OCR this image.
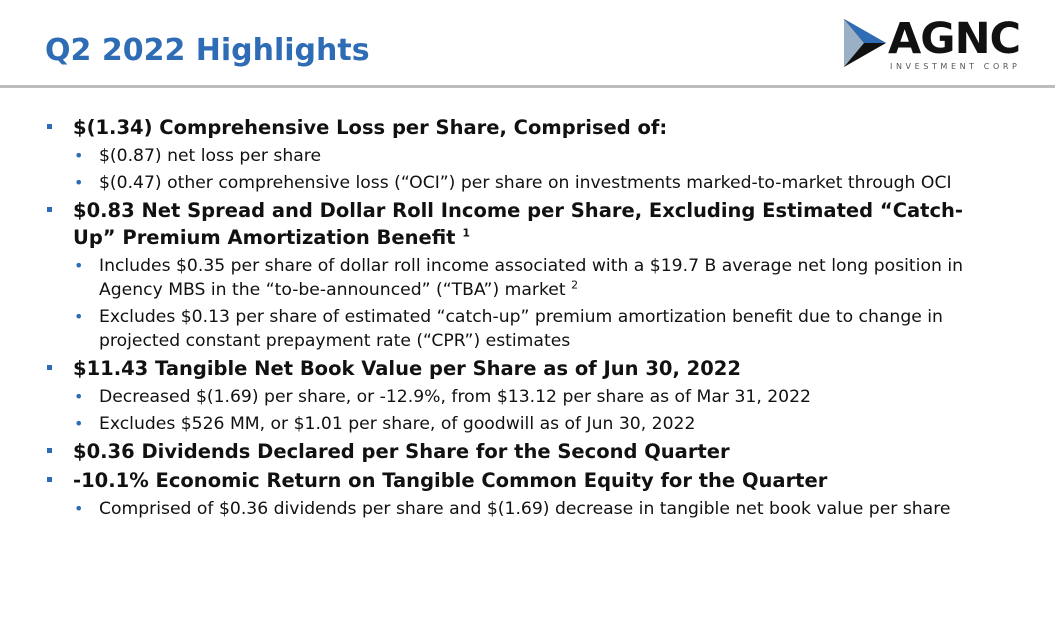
Q2 2022 Highlights	AGNC
INVESTMENT CORP
$(1.34) Comprehensive Loss per Share, Comprised of:
• $(0.87) net loss per share
• $(0.47) other comprehensive loss (“OCI”) per share on investments marked-to-market through OCI
$0.83 Net Spread and Dollar Roll Income per Share, Excluding Estimated “Catch-Up” Premium Amortization Benefit $^1$
• Includes $0.35 per share of dollar roll income associated with a $19.7 B average net long position in Agency MBS in the “to-be-announced” (“TBA”) market $^2$
• Excludes $0.13 per share of estimated “catch-up” premium amortization benefit due to change in projected constant prepayment rate (“CPR”) estimates
$11.43 Tangible Net Book Value per Share as of Jun 30, 2022
• Decreased $(1.69) per share, or -12.9%, from $13.12 per share as of Mar 31, 2022
• Excludes $526 MM, or $1.01 per share, of goodwill as of Jun 30, 2022
$0.36 Dividends Declared per Share for the Second Quarter
-10.1% Economic Return on Tangible Common Equity for the Quarter
• Comprised of $0.36 dividends per share and $(1.69) decrease in tangible net book value per share
